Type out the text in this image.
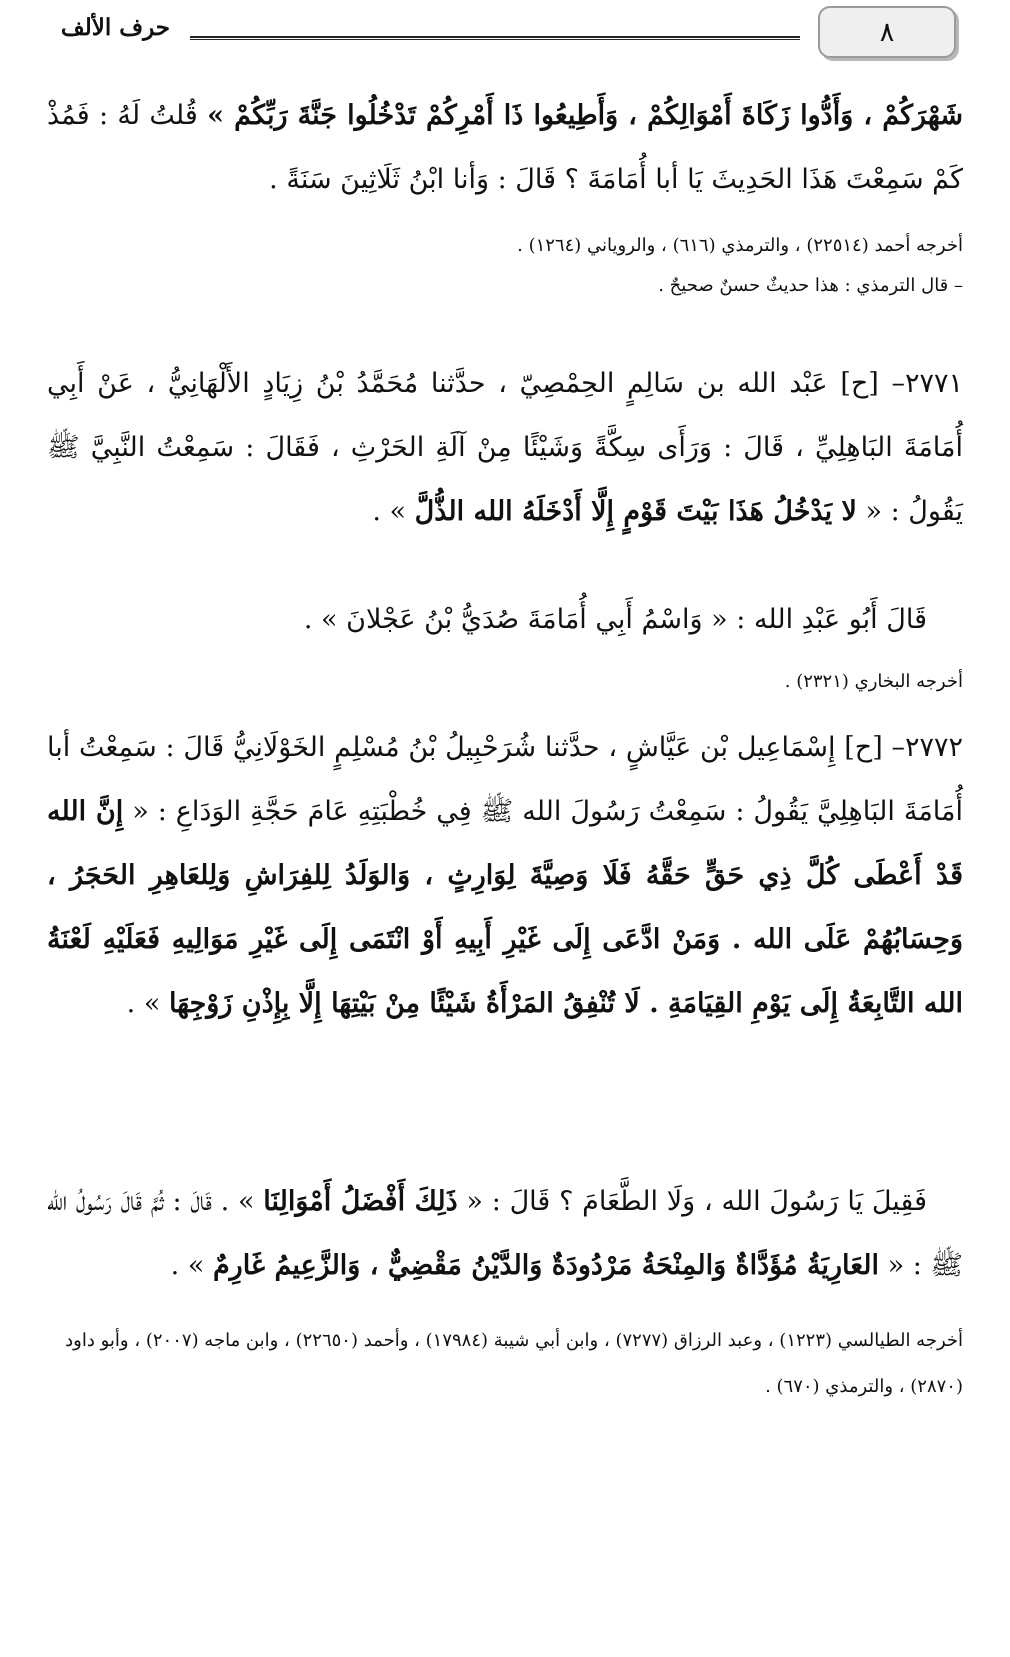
٨
حرف الألف
شَهْرَكُمْ ، وَأَدُّوا زَكَاةَ أَمْوَالِكُمْ ، وَأَطِيعُوا ذَا أَمْرِكُمْ تَدْخُلُوا جَنَّةَ رَبِّكُمْ » قُلتُ لَهُ : فَمُذْ كَمْ سَمِعْتَ هَذَا الحَدِيثَ يَا أبا أُمَامَةَ ؟ قَالَ : وَأنا ابْنُ ثَلَاثِينَ سَنَةً .
أخرجه أحمد (٢٢٥١٤) ، والترمذي (٦١٦) ، والروياني (١٢٦٤) .
– قال الترمذي : هذا حديثٌ حسنٌ صحيحٌ .
٢٧٧١– [ح] عَبْد الله بن سَالِمٍ الحِمْصِيّ ، حدَّثنا مُحَمَّدُ بْنُ زِيَادٍ الأَلْهَانِيُّ ، عَنْ أَبِي أُمَامَةَ البَاهِلِيِّ ، قَالَ : وَرَأَى سِكَّةً وَشَيْئًا مِنْ آلَةِ الحَرْثِ ، فَقَالَ : سَمِعْتُ النَّبِيَّ ﷺ يَقُولُ : « لا يَدْخُلُ هَذَا بَيْتَ قَوْمٍ إِلَّا أَدْخَلَهُ الله الذُّلَّ » .
قَالَ أَبُو عَبْدِ الله : « وَاسْمُ أَبِي أُمَامَةَ صُدَيُّ بْنُ عَجْلانَ » .
أخرجه البخاري (٢٣٢١) .
٢٧٧٢– [ح] إِسْمَاعِيل بْن عَيَّاشٍ ، حدَّثنا شُرَحْبِيلُ بْنُ مُسْلِمٍ الخَوْلَانِيُّ قَالَ : سَمِعْتُ أبا أُمَامَةَ البَاهِلِيَّ يَقُولُ : سَمِعْتُ رَسُولَ الله ﷺ فِي خُطْبَتِهِ عَامَ حَجَّةِ الوَدَاعِ : « إِنَّ الله قَدْ أَعْطَى كُلَّ ذِي حَقٍّ حَقَّهُ فَلَا وَصِيَّةَ لِوَارِثٍ ، وَالوَلَدُ لِلفِرَاشِ وَلِلعَاهِرِ الحَجَرُ ، وَحِسَابُهُمْ عَلَى الله . وَمَنْ ادَّعَى إِلَى غَيْرِ أَبِيهِ أَوْ انْتَمَى إِلَى غَيْرِ مَوَالِيهِ فَعَلَيْهِ لَعْنَةُ الله التَّابِعَةُ إِلَى يَوْمِ القِيَامَةِ . لَا تُنْفِقُ المَرْأَةُ شَيْئًا مِنْ بَيْتِهَا إِلَّا بِإِذْنِ زَوْجِهَا » .
فَقِيلَ يَا رَسُولَ الله ، وَلَا الطَّعَامَ ؟ قَالَ : « ذَلِكَ أَفْضَلُ أَمْوَالِنَا » . قَالَ : ثُمَّ قَالَ رَسُولُ الله ﷺ : « العَارِيَةُ مُؤَدَّاةٌ وَالمِنْحَةُ مَرْدُودَةٌ وَالدَّيْنُ مَقْضِيٌّ ، وَالزَّعِيمُ غَارِمٌ » .
أخرجه الطيالسي (١٢٢٣) ، وعبد الرزاق (٧٢٧٧) ، وابن أبي شيبة (١٧٩٨٤) ، وأحمد (٢٢٦٥٠) ، وابن ماجه (٢٠٠٧) ، وأبو داود (٢٨٧٠) ، والترمذي (٦٧٠) .
